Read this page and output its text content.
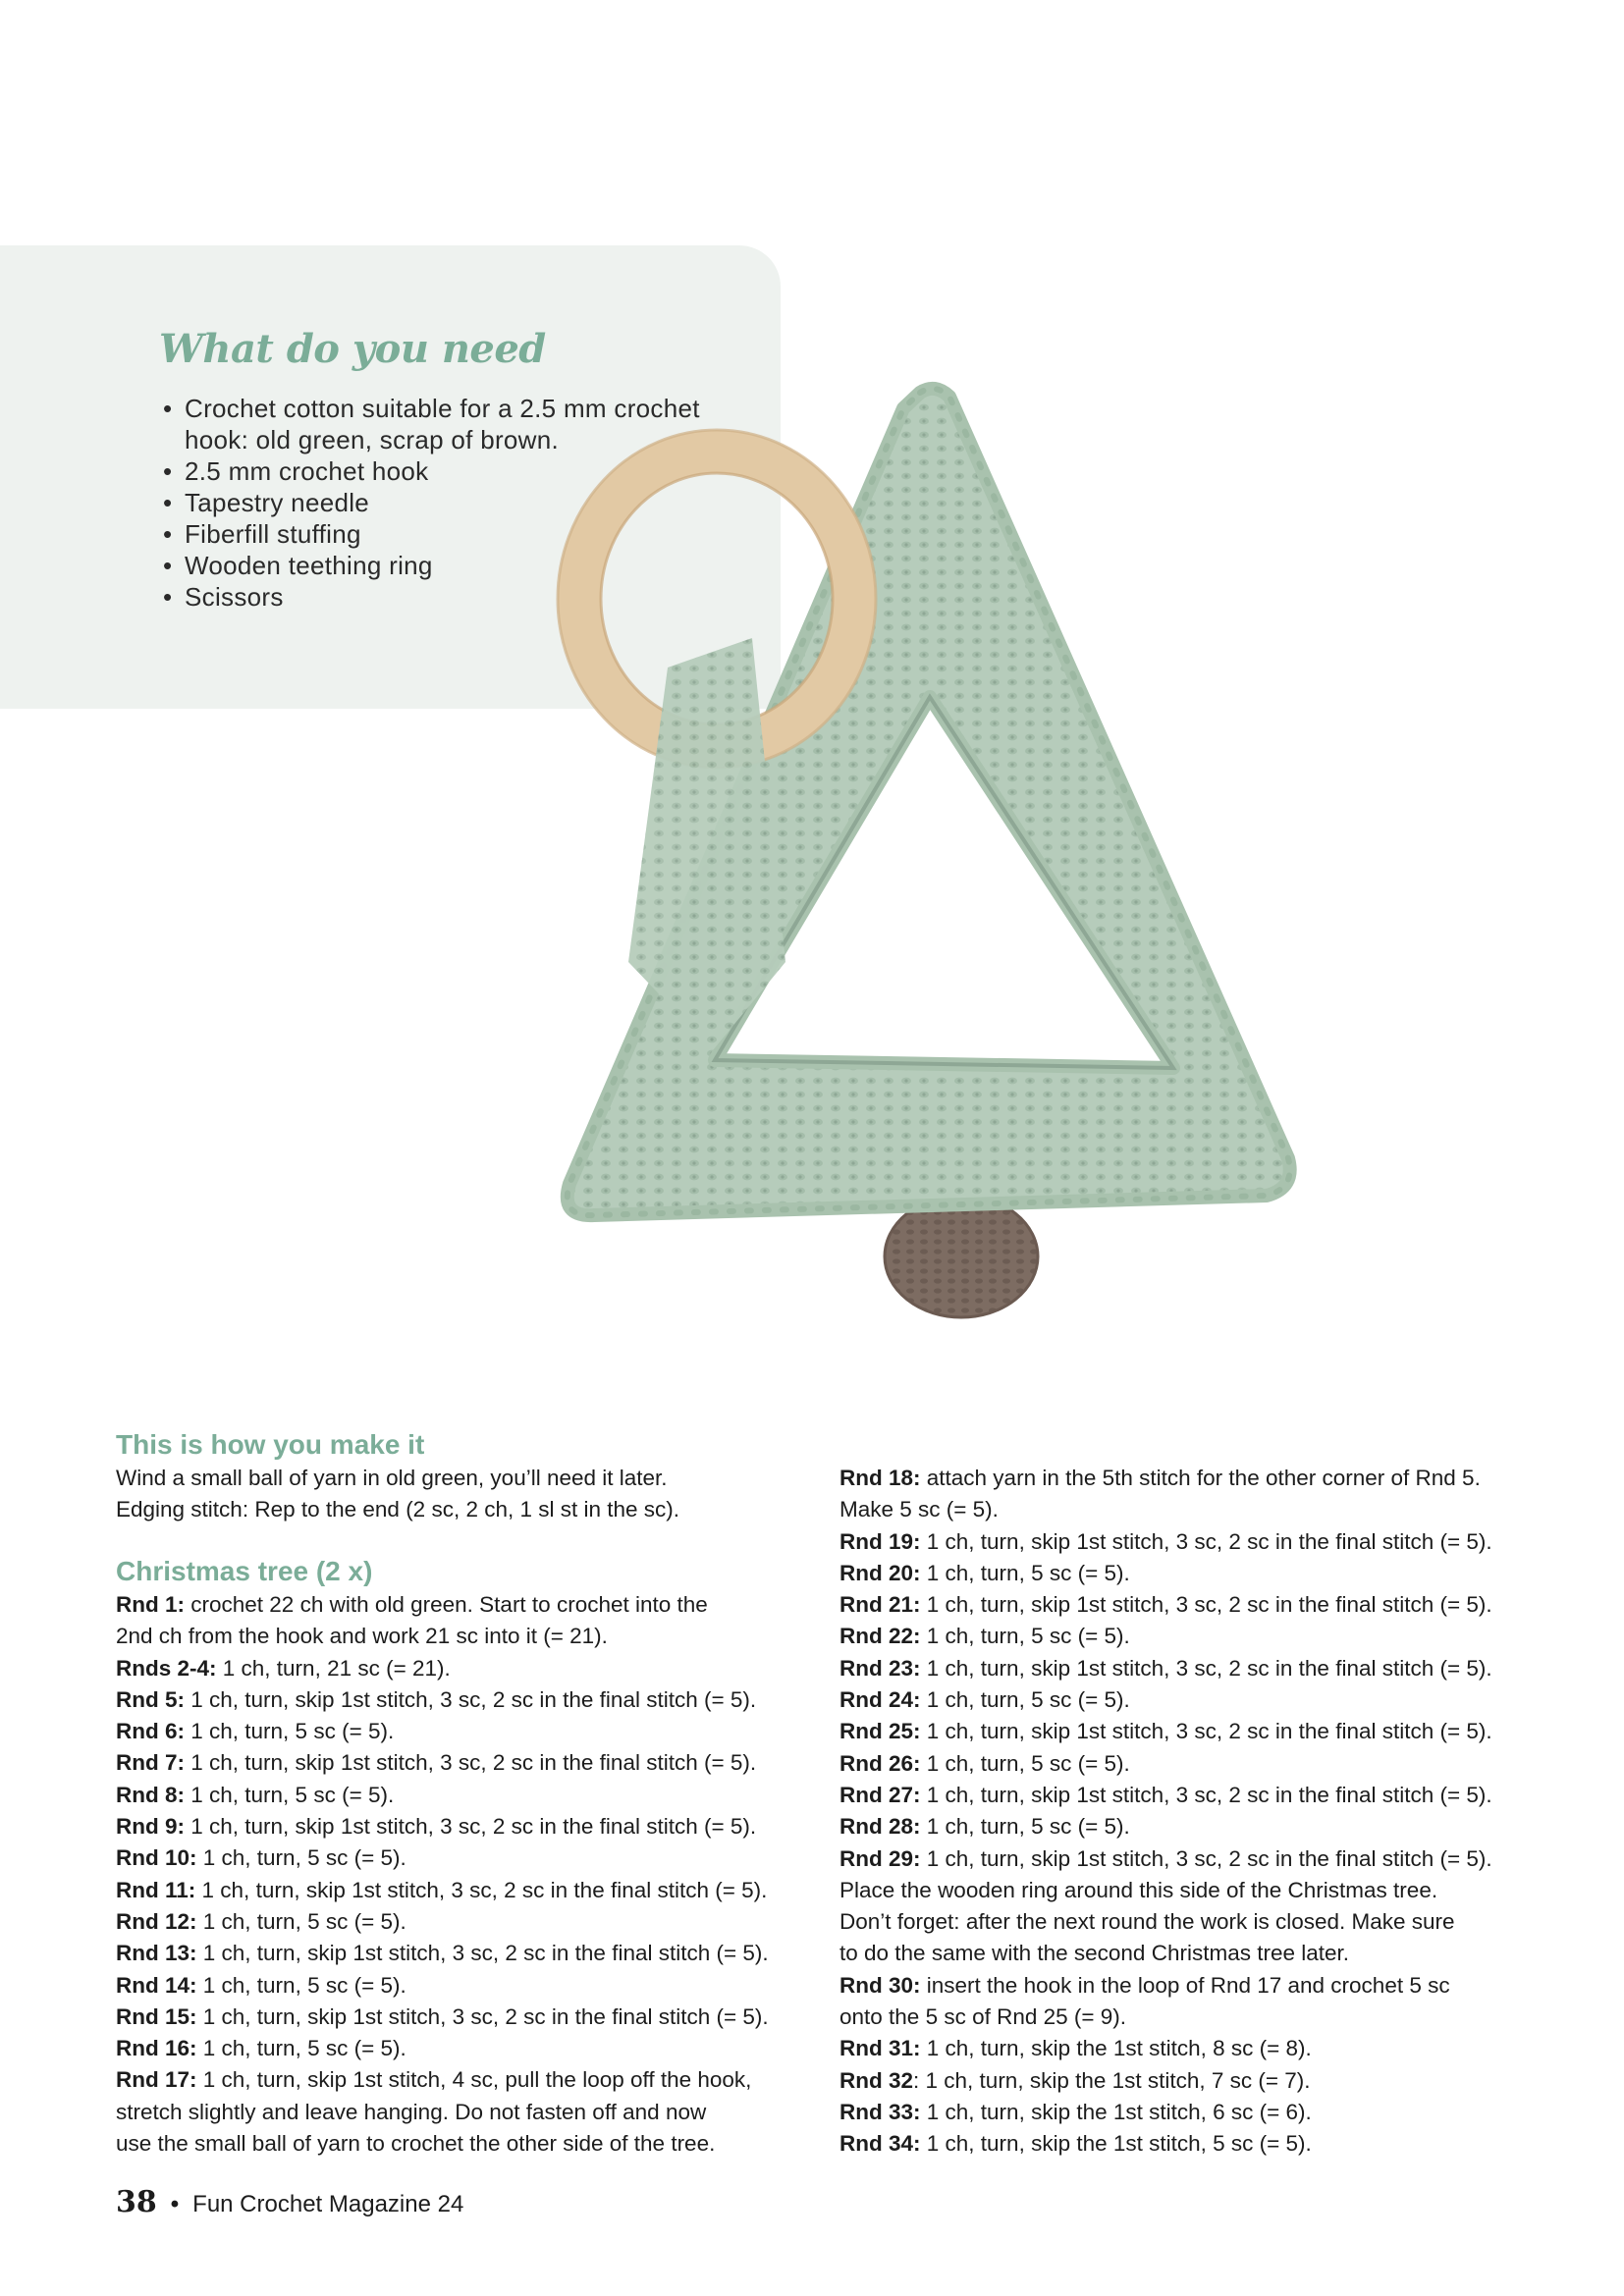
What do you need
• Crochet cotton suitable for a 2.5 mm crochet hook: old green, scrap of brown.
• 2.5 mm crochet hook
• Tapestry needle
• Fiberfill stuffing
• Wooden teething ring
• Scissors
This is how you make it

Wind a small ball of yarn in old green, you’ll need it later.

Edging stitch: Rep to the end (2 sc, 2 ch, 1 sl st in the sc).

Christmas tree (2 x)

Rnd 1: crochet 22 ch with old green. Start to crochet into the

2nd ch from the hook and work 21 sc into it (= 21).

Rnds 2-4: 1 ch, turn, 21 sc (= 21).

Rnd 5: 1 ch, turn, skip 1st stitch, 3 sc, 2 sc in the final stitch (= 5).

Rnd 6: 1 ch, turn, 5 sc (= 5).

Rnd 7: 1 ch, turn, skip 1st stitch, 3 sc, 2 sc in the final stitch (= 5).

Rnd 8: 1 ch, turn, 5 sc (= 5).

Rnd 9: 1 ch, turn, skip 1st stitch, 3 sc, 2 sc in the final stitch (= 5).

Rnd 10: 1 ch, turn, 5 sc (= 5).

Rnd 11: 1 ch, turn, skip 1st stitch, 3 sc, 2 sc in the final stitch (= 5).

Rnd 12: 1 ch, turn, 5 sc (= 5).

Rnd 13: 1 ch, turn, skip 1st stitch, 3 sc, 2 sc in the final stitch (= 5).

Rnd 14: 1 ch, turn, 5 sc (= 5).

Rnd 15: 1 ch, turn, skip 1st stitch, 3 sc, 2 sc in the final stitch (= 5).

Rnd 16: 1 ch, turn, 5 sc (= 5).

Rnd 17: 1 ch, turn, skip 1st stitch, 4 sc, pull the loop off the hook,

stretch slightly and leave hanging. Do not fasten off and now

use the small ball of yarn to crochet the other side of the tree.

Rnd 18: attach yarn in the 5th stitch for the other corner of Rnd 5.

Make 5 sc (= 5).

Rnd 19: 1 ch, turn, skip 1st stitch, 3 sc, 2 sc in the final stitch (= 5).

Rnd 20: 1 ch, turn, 5 sc (= 5).

Rnd 21: 1 ch, turn, skip 1st stitch, 3 sc, 2 sc in the final stitch (= 5).

Rnd 22: 1 ch, turn, 5 sc (= 5).

Rnd 23: 1 ch, turn, skip 1st stitch, 3 sc, 2 sc in the final stitch (= 5).

Rnd 24: 1 ch, turn, 5 sc (= 5).

Rnd 25: 1 ch, turn, skip 1st stitch, 3 sc, 2 sc in the final stitch (= 5).

Rnd 26: 1 ch, turn, 5 sc (= 5).

Rnd 27: 1 ch, turn, skip 1st stitch, 3 sc, 2 sc in the final stitch (= 5).

Rnd 28: 1 ch, turn, 5 sc (= 5).

Rnd 29: 1 ch, turn, skip 1st stitch, 3 sc, 2 sc in the final stitch (= 5).

Place the wooden ring around this side of the Christmas tree.

Don’t forget: after the next round the work is closed. Make sure

to do the same with the second Christmas tree later.

Rnd 30: insert the hook in the loop of Rnd 17 and crochet 5 sc

onto the 5 sc of Rnd 25 (= 9).

Rnd 31: 1 ch, turn, skip the 1st stitch, 8 sc (= 8).

Rnd 32: 1 ch, turn, skip the 1st stitch, 7 sc (= 7).

Rnd 33: 1 ch, turn, skip the 1st stitch, 6 sc (= 6).

Rnd 34: 1 ch, turn, skip the 1st stitch, 5 sc (= 5).

38 • Fun Crochet Magazine 24
